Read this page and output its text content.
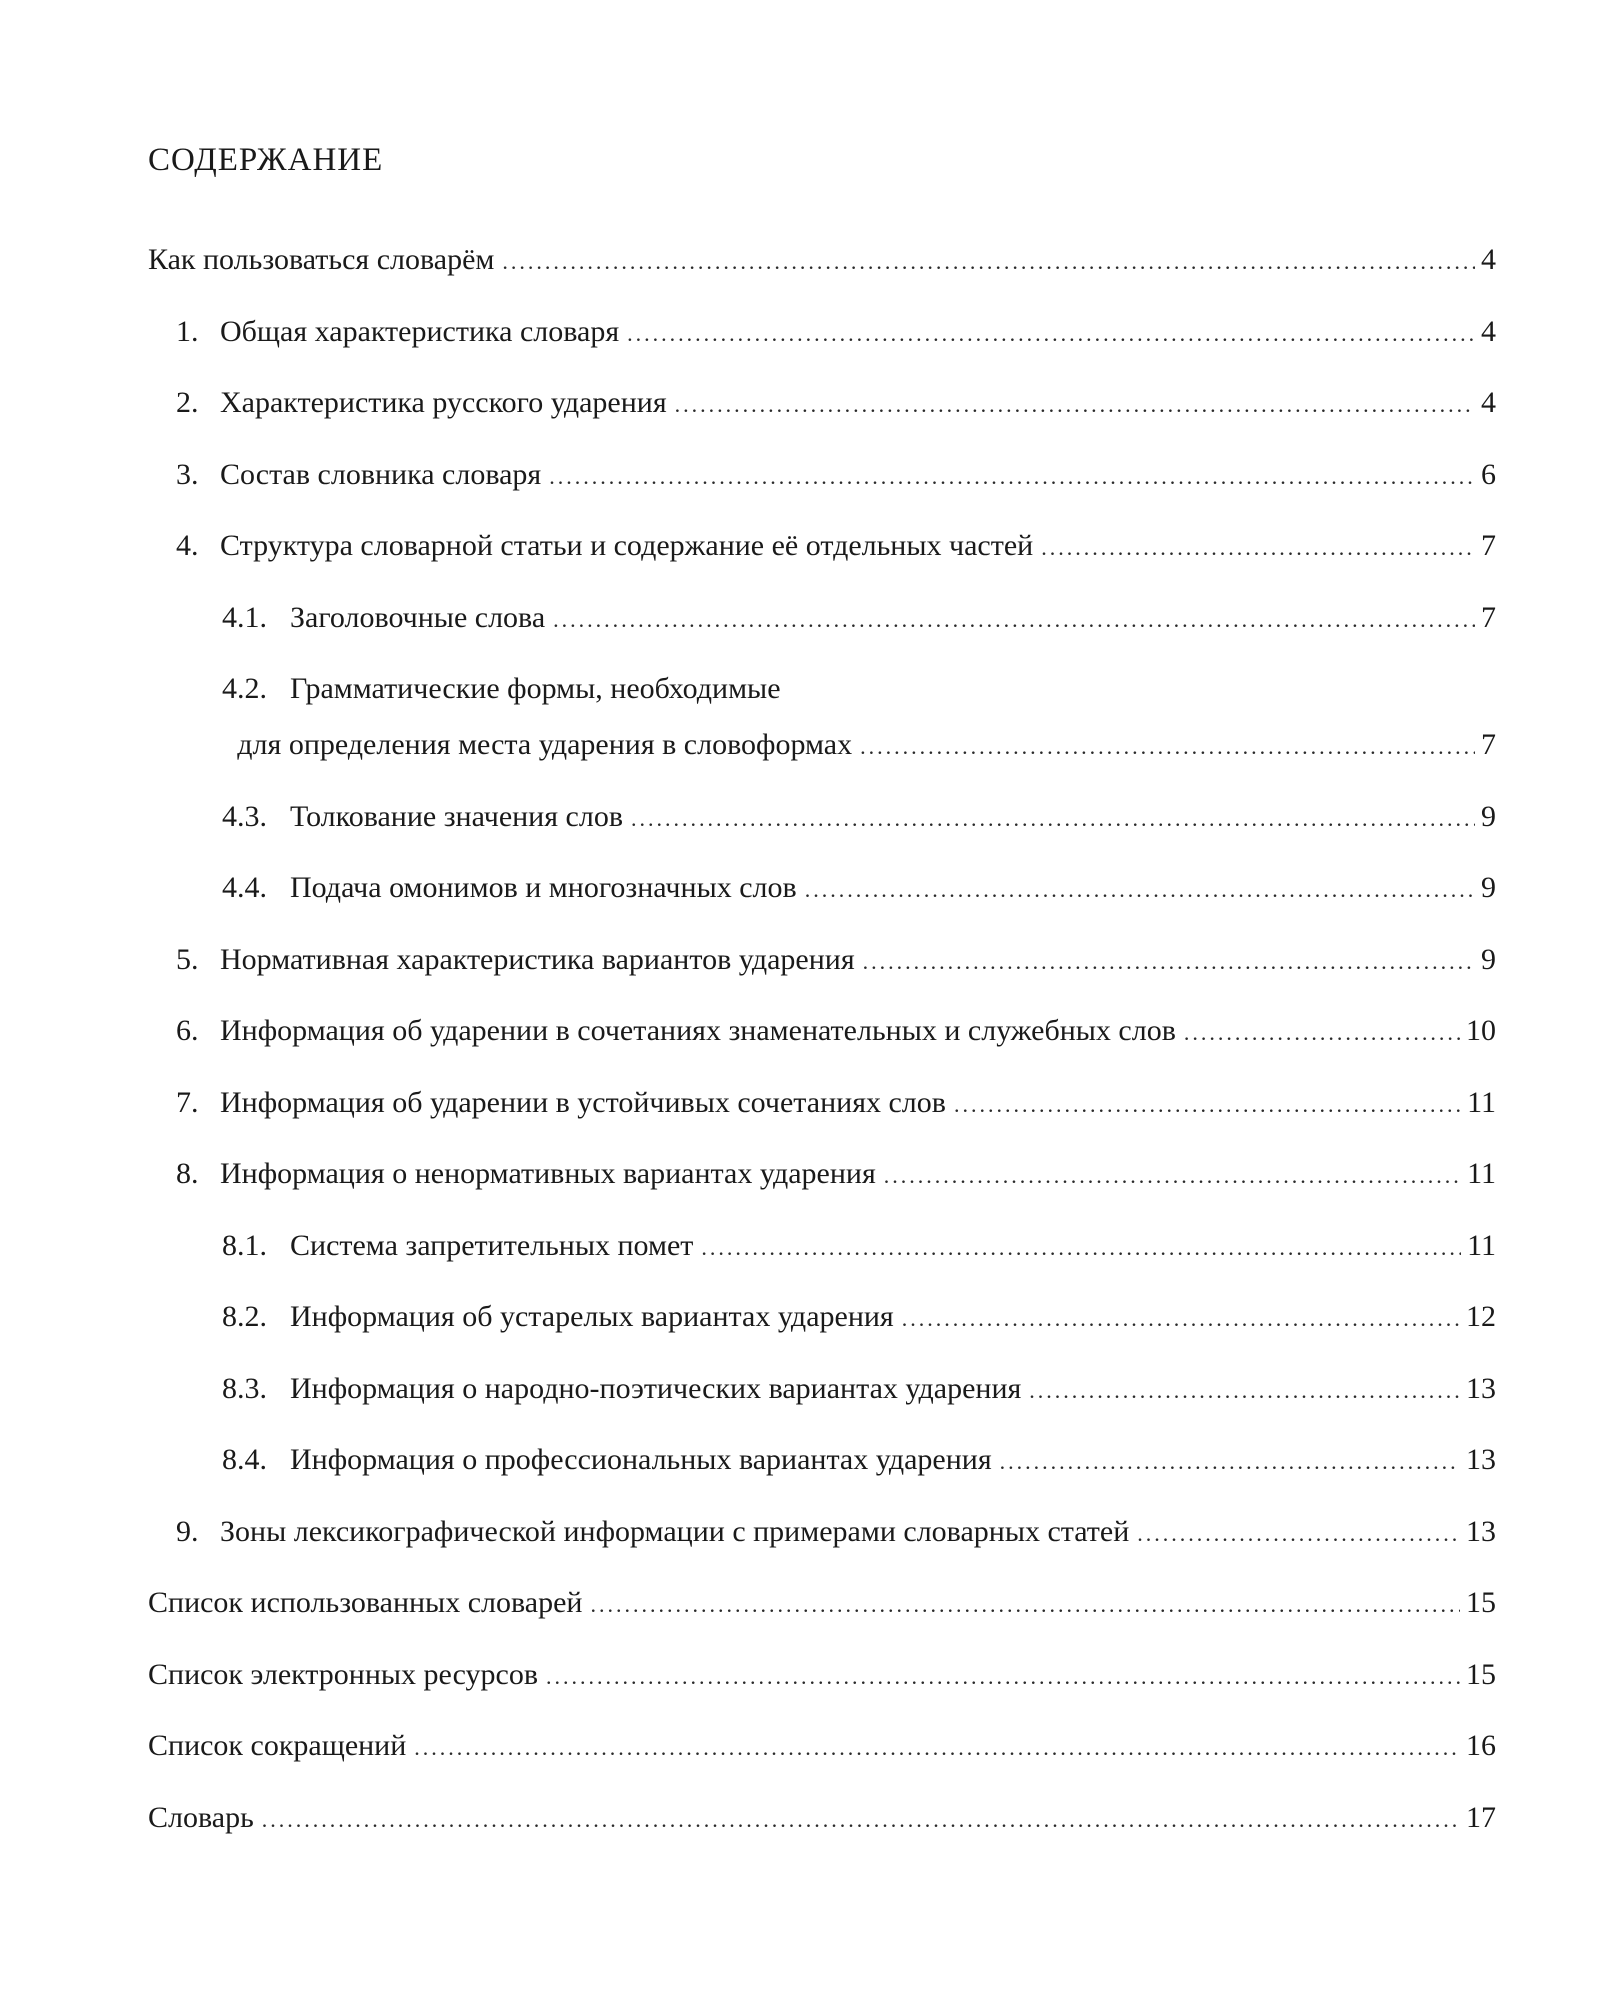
СОДЕРЖАНИЕ
Как пользоваться словарём .....	4
1. Общая характеристика словаря .....	4
2. Характеристика русского ударения .....	4
3. Состав словника словаря .....	6
4. Структура словарной статьи и содержание её отдельных частей .....	7
4.1. Заголовочные слова .....	7
4.2. Грамматические формы, необходимые
для определения места ударения в словоформах .....	7
4.3. Толкование значения слов .....	9
4.4. Подача омонимов и многозначных слов .....	9
5. Нормативная характеристика вариантов ударения .....	9
6. Информация об ударении в сочетаниях знаменательных и служебных слов .....	10
7. Информация об ударении в устойчивых сочетаниях слов .....	11
8. Информация о ненормативных вариантах ударения .....	11
8.1. Система запретительных помет .....	11
8.2. Информация об устарелых вариантах ударения .....	12
8.3. Информация о народно-поэтических вариантах ударения .....	13
8.4. Информация о профессиональных вариантах ударения .....	13
9. Зоны лексикографической информации с примерами словарных статей .....	13
Список использованных словарей .....	15
Список электронных ресурсов .....	15
Список сокращений .....	16
Словарь .....	17
